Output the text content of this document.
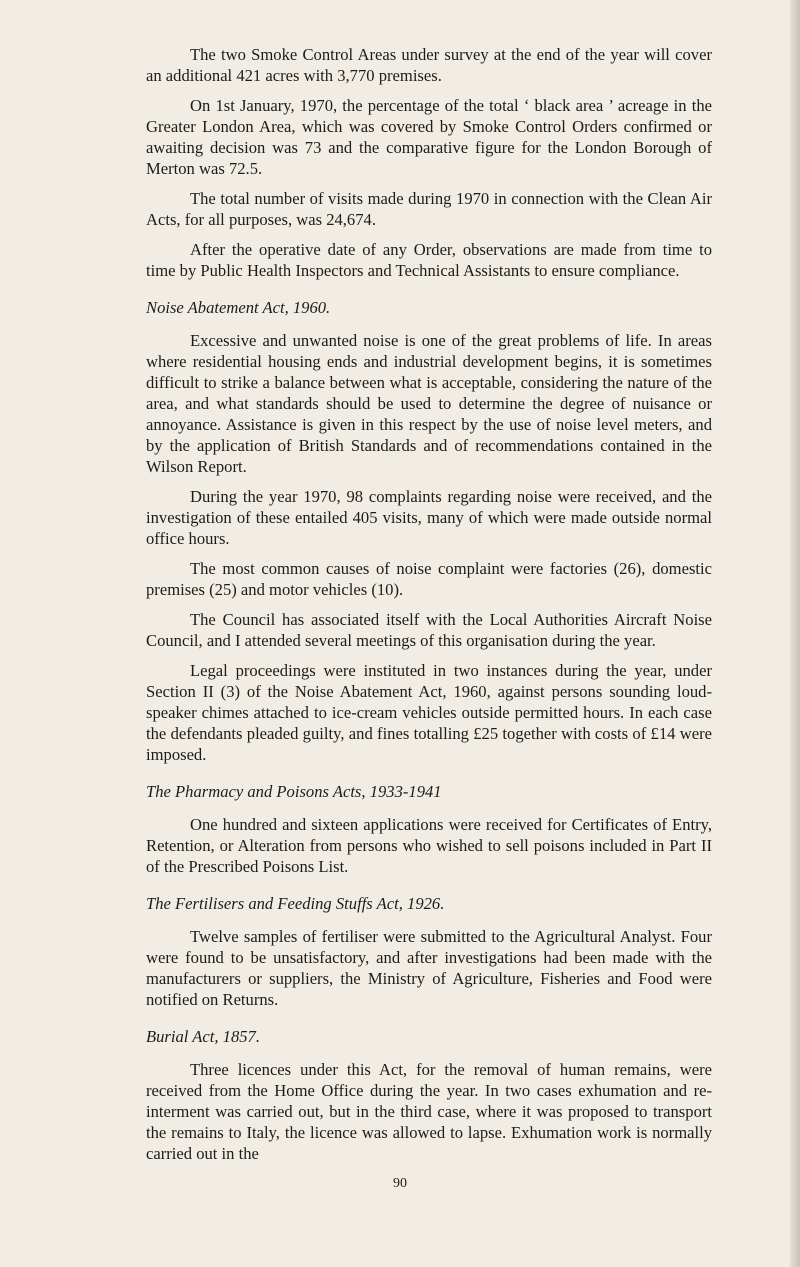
The two Smoke Control Areas under survey at the end of the year will cover an additional 421 acres with 3,770 premises.

On 1st January, 1970, the percentage of the total ‘ black area ’ acreage in the Greater London Area, which was covered by Smoke Control Orders confirmed or awaiting decision was 73 and the comparative figure for the London Borough of Merton was 72.5.

The total number of visits made during 1970 in connection with the Clean Air Acts, for all purposes, was 24,674.

After the operative date of any Order, observations are made from time to time by Public Health Inspectors and Technical Assistants to ensure compliance.

Noise Abatement Act, 1960.

Excessive and unwanted noise is one of the great problems of life. In areas where residential housing ends and industrial development begins, it is sometimes difficult to strike a balance between what is acceptable, considering the nature of the area, and what standards should be used to determine the degree of nuisance or annoyance. Assistance is given in this respect by the use of noise level meters, and by the application of British Standards and of recommendations contained in the Wilson Report.

During the year 1970, 98 complaints regarding noise were received, and the investigation of these entailed 405 visits, many of which were made outside normal office hours.

The most common causes of noise complaint were factories (26), domestic premises (25) and motor vehicles (10).

The Council has associated itself with the Local Authorities Aircraft Noise Council, and I attended several meetings of this organisation during the year.

Legal proceedings were instituted in two instances during the year, under Section II (3) of the Noise Abatement Act, 1960, against persons sounding loud-speaker chimes attached to ice-cream vehicles outside permitted hours. In each case the defendants pleaded guilty, and fines totalling £25 together with costs of £14 were imposed.

The Pharmacy and Poisons Acts, 1933-1941

One hundred and sixteen applications were received for Certificates of Entry, Retention, or Alteration from persons who wished to sell poisons included in Part II of the Prescribed Poisons List.

The Fertilisers and Feeding Stuffs Act, 1926.

Twelve samples of fertiliser were submitted to the Agricultural Analyst. Four were found to be unsatisfactory, and after investigations had been made with the manufacturers or suppliers, the Ministry of Agriculture, Fisheries and Food were notified on Returns.

Burial Act, 1857.

Three licences under this Act, for the removal of human remains, were received from the Home Office during the year. In two cases exhumation and re-interment was carried out, but in the third case, where it was proposed to transport the remains to Italy, the licence was allowed to lapse. Exhumation work is normally carried out in the

90
